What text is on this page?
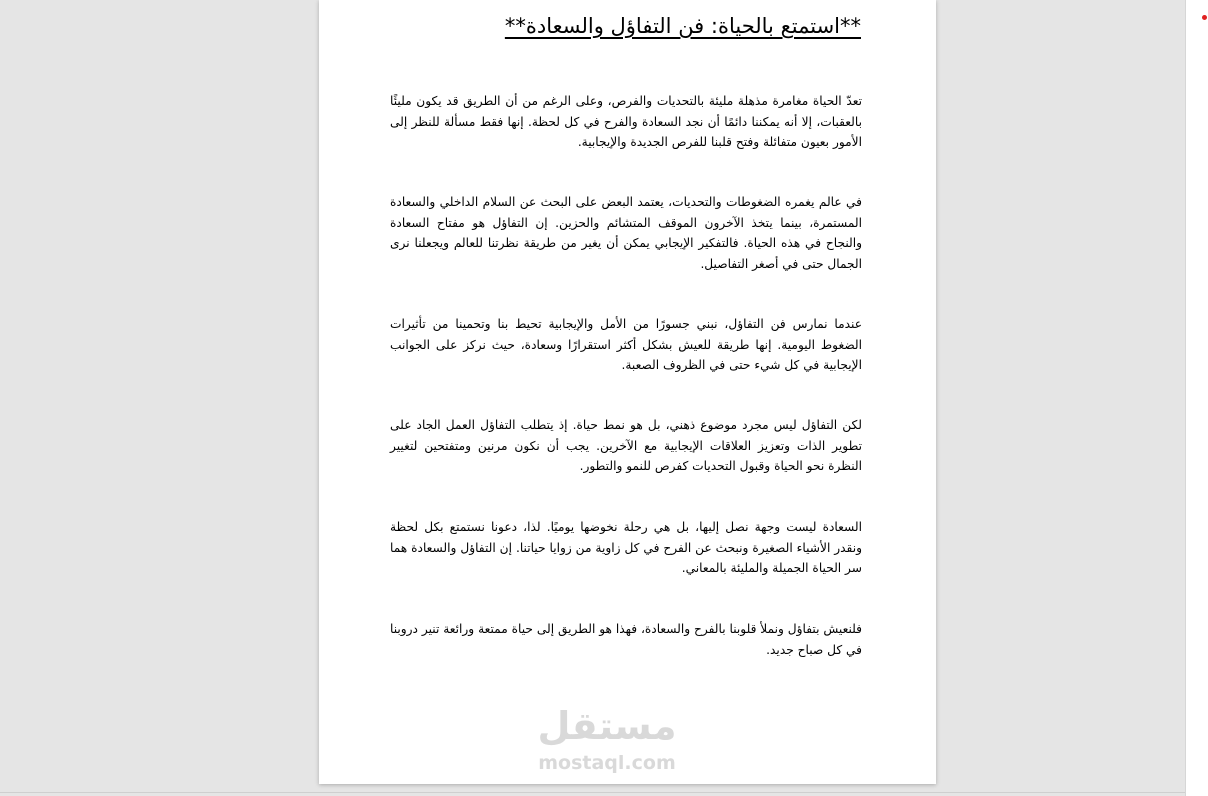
**استمتع بالحياة: فن التفاؤل والسعادة**

تعدّ الحياة مغامرة مذهلة مليئة بالتحديات والفرص، وعلى الرغم من أن الطريق قد يكون مليئًا بالعقبات، إلا أنه يمكننا دائمًا أن نجد السعادة والفرح في كل لحظة. إنها فقط مسألة للنظر إلى الأمور بعيون متفائلة وفتح قلبنا للفرص الجديدة والإيجابية.

في عالم يغمره الضغوطات والتحديات، يعتمد البعض على البحث عن السلام الداخلي والسعادة المستمرة، بينما يتخذ الآخرون الموقف المتشائم والحزين. إن التفاؤل هو مفتاح السعادة والنجاح في هذه الحياة. فالتفكير الإيجابي يمكن أن يغير من طريقة نظرتنا للعالم ويجعلنا نرى الجمال حتى في أصغر التفاصيل.

عندما نمارس فن التفاؤل، نبني جسورًا من الأمل والإيجابية تحيط بنا وتحمينا من تأثيرات الضغوط اليومية. إنها طريقة للعيش بشكل أكثر استقرارًا وسعادة، حيث نركز على الجوانب الإيجابية في كل شيء حتى في الظروف الصعبة.

لكن التفاؤل ليس مجرد موضوع ذهني، بل هو نمط حياة. إذ يتطلب التفاؤل العمل الجاد على تطوير الذات وتعزيز العلاقات الإيجابية مع الآخرين. يجب أن نكون مرنين ومتفتحين لتغيير النظرة نحو الحياة وقبول التحديات كفرص للنمو والتطور.

السعادة ليست وجهة نصل إليها، بل هي رحلة نخوضها يوميًا. لذا، دعونا نستمتع بكل لحظة ونقدر الأشياء الصغيرة ونبحث عن الفرح في كل زاوية من زوايا حياتنا. إن التفاؤل والسعادة هما سر الحياة الجميلة والمليئة بالمعاني.

فلنعيش بتفاؤل ونملأ قلوبنا بالفرح والسعادة، فهذا هو الطريق إلى حياة ممتعة ورائعة تنير دروبنا في كل صباح جديد.

مستقل
mostaql.com
